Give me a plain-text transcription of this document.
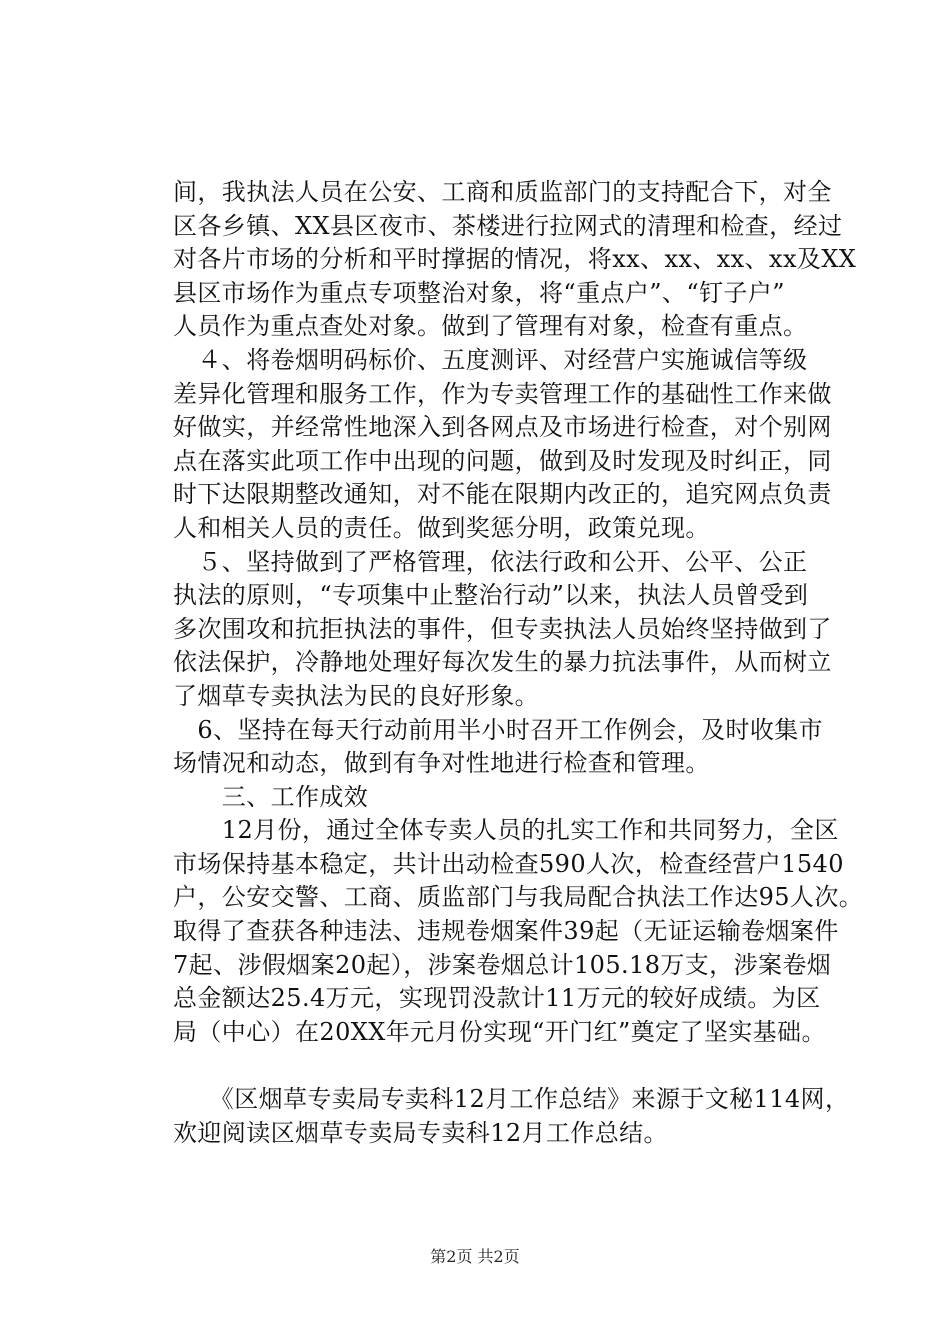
间，我执法人员在公安、工商和质监部门的支持配合下，对全
区各乡镇、XX县区夜市、茶楼进行拉网式的清理和检查，经过
对各片市场的分析和平时撑据的情况，将xx、xx、xx、xx及XX
县区市场作为重点专项整治对象，将“重点户”、“钉子户”
人员作为重点查处对象。做到了管理有对象，检查有重点。
　４、将卷烟明码标价、五度测评、对经营户实施诚信等级
差异化管理和服务工作，作为专卖管理工作的基础性工作来做
好做实，并经常性地深入到各网点及市场进行检查，对个别网
点在落实此项工作中出现的问题，做到及时发现及时纠正，同
时下达限期整改通知，对不能在限期内改正的，追究网点负责
人和相关人员的责任。做到奖惩分明，政策兑现。
　５、坚持做到了严格管理，依法行政和公开、公平、公正
执法的原则，“专项集中止整治行动”以来，执法人员曾受到
多次围攻和抗拒执法的事件，但专卖执法人员始终坚持做到了
依法保护，冷静地处理好每次发生的暴力抗法事件，从而树立
了烟草专卖执法为民的良好形象。
　6、坚持在每天行动前用半小时召开工作例会，及时收集市
场情况和动态，做到有争对性地进行检查和管理。
　　三、工作成效
　　12月份，通过全体专卖人员的扎实工作和共同努力，全区
市场保持基本稳定，共计出动检查590人次，检查经营户1540
户，公安交警、工商、质监部门与我局配合执法工作达95人次。
取得了查获各种违法、违规卷烟案件39起（无证运输卷烟案件
7起、涉假烟案20起），涉案卷烟总计105.18万支，涉案卷烟
总金额达25.4万元，实现罚没款计11万元的较好成绩。为区
局（中心）在20XX年元月份实现“开门红”奠定了坚实基础。
　　《区烟草专卖局专卖科12月工作总结》来源于文秘114网，
欢迎阅读区烟草专卖局专卖科12月工作总结。
第2页 共2页
